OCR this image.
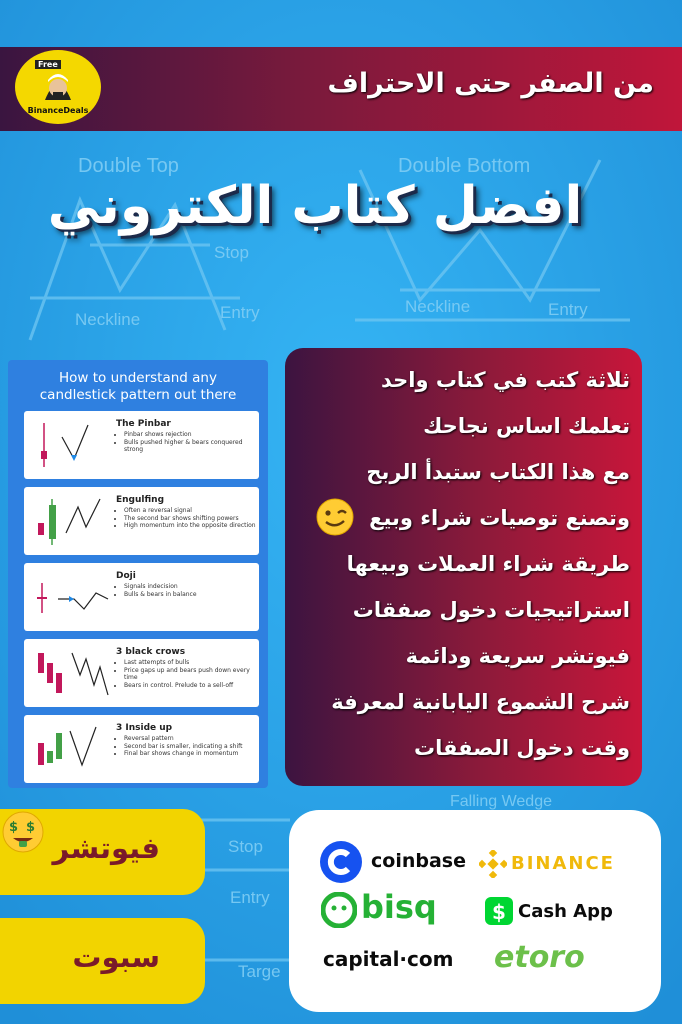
Double Top	Double Bottom
Stop
Entry
Neckline
Neckline	Entry
Stop
Entry
Targe
Falling Wedge
Free
BinanceDeals
من الصفر حتى الاحتراف
افضل كتاب الكتروني
How to understand any
candlestick pattern out there
The Pinbar
• Pinbar shows rejection
• Bulls pushed higher & bears conquered strong
Engulfing
• Often a reversal signal
• The second bar shows shifting powers
• High momentum into the opposite direction
Doji
• Signals indecision
• Bulls & bears in balance
3 black crows
• Last attempts of bulls
• Price gaps up and bears push down every time
• Bears in control. Prelude to a sell-off
3 Inside up
• Reversal pattern
• Second bar is smaller, indicating a shift
• Final bar shows change in momentum
ثلاثة كتب في كتاب واحد
تعلمك اساس نجاحك
مع هذا الكتاب ستبدأ الربح
وتصنع توصيات شراء وبيع
طريقة شراء العملات وبيعها
استراتيجيات دخول صفقات
فيوتشر سريعة ودائمة
شرح الشموع اليابانية لمعرفة
وقت دخول الصفقات
فيوتشر
$ $
سبوت
coinbase	BINANCE
bisq	$ Cash App
capital·com etoro
